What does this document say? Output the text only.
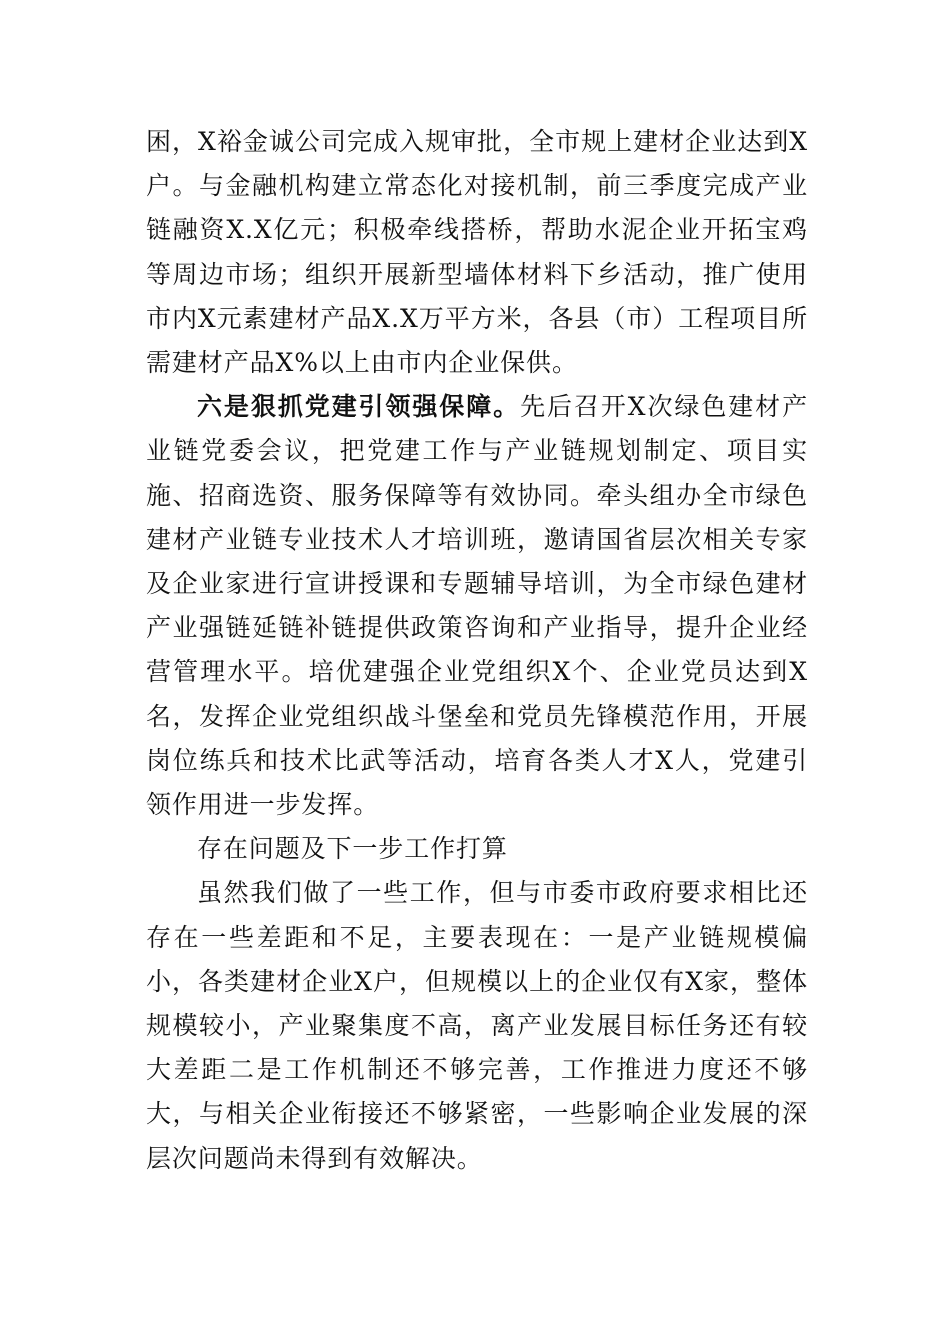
困，X裕金诚公司完成入规审批，全市规上建材企业达到X户。与金融机构建立常态化对接机制，前三季度完成产业链融资X.X亿元；积极牵线搭桥，帮助水泥企业开拓宝鸡等周边市场；组织开展新型墙体材料下乡活动，推广使用市内X元素建材产品X.X万平方米，各县（市）工程项目所需建材产品X%以上由市内企业保供。

六是狠抓党建引领强保障。先后召开X次绿色建材产业链党委会议，把党建工作与产业链规划制定、项目实施、招商选资、服务保障等有效协同。牵头组办全市绿色建材产业链专业技术人才培训班，邀请国省层次相关专家及企业家进行宣讲授课和专题辅导培训，为全市绿色建材产业强链延链补链提供政策咨询和产业指导，提升企业经营管理水平。培优建强企业党组织X个、企业党员达到X名，发挥企业党组织战斗堡垒和党员先锋模范作用，开展岗位练兵和技术比武等活动，培育各类人才X人，党建引领作用进一步发挥。

存在问题及下一步工作打算

虽然我们做了一些工作，但与市委市政府要求相比还存在一些差距和不足，主要表现在：一是产业链规模偏小，各类建材企业X户，但规模以上的企业仅有X家，整体规模较小，产业聚集度不高，离产业发展目标任务还有较大差距二是工作机制还不够完善，工作推进力度还不够大，与相关企业衔接还不够紧密，一些影响企业发展的深层次问题尚未得到有效解决。
